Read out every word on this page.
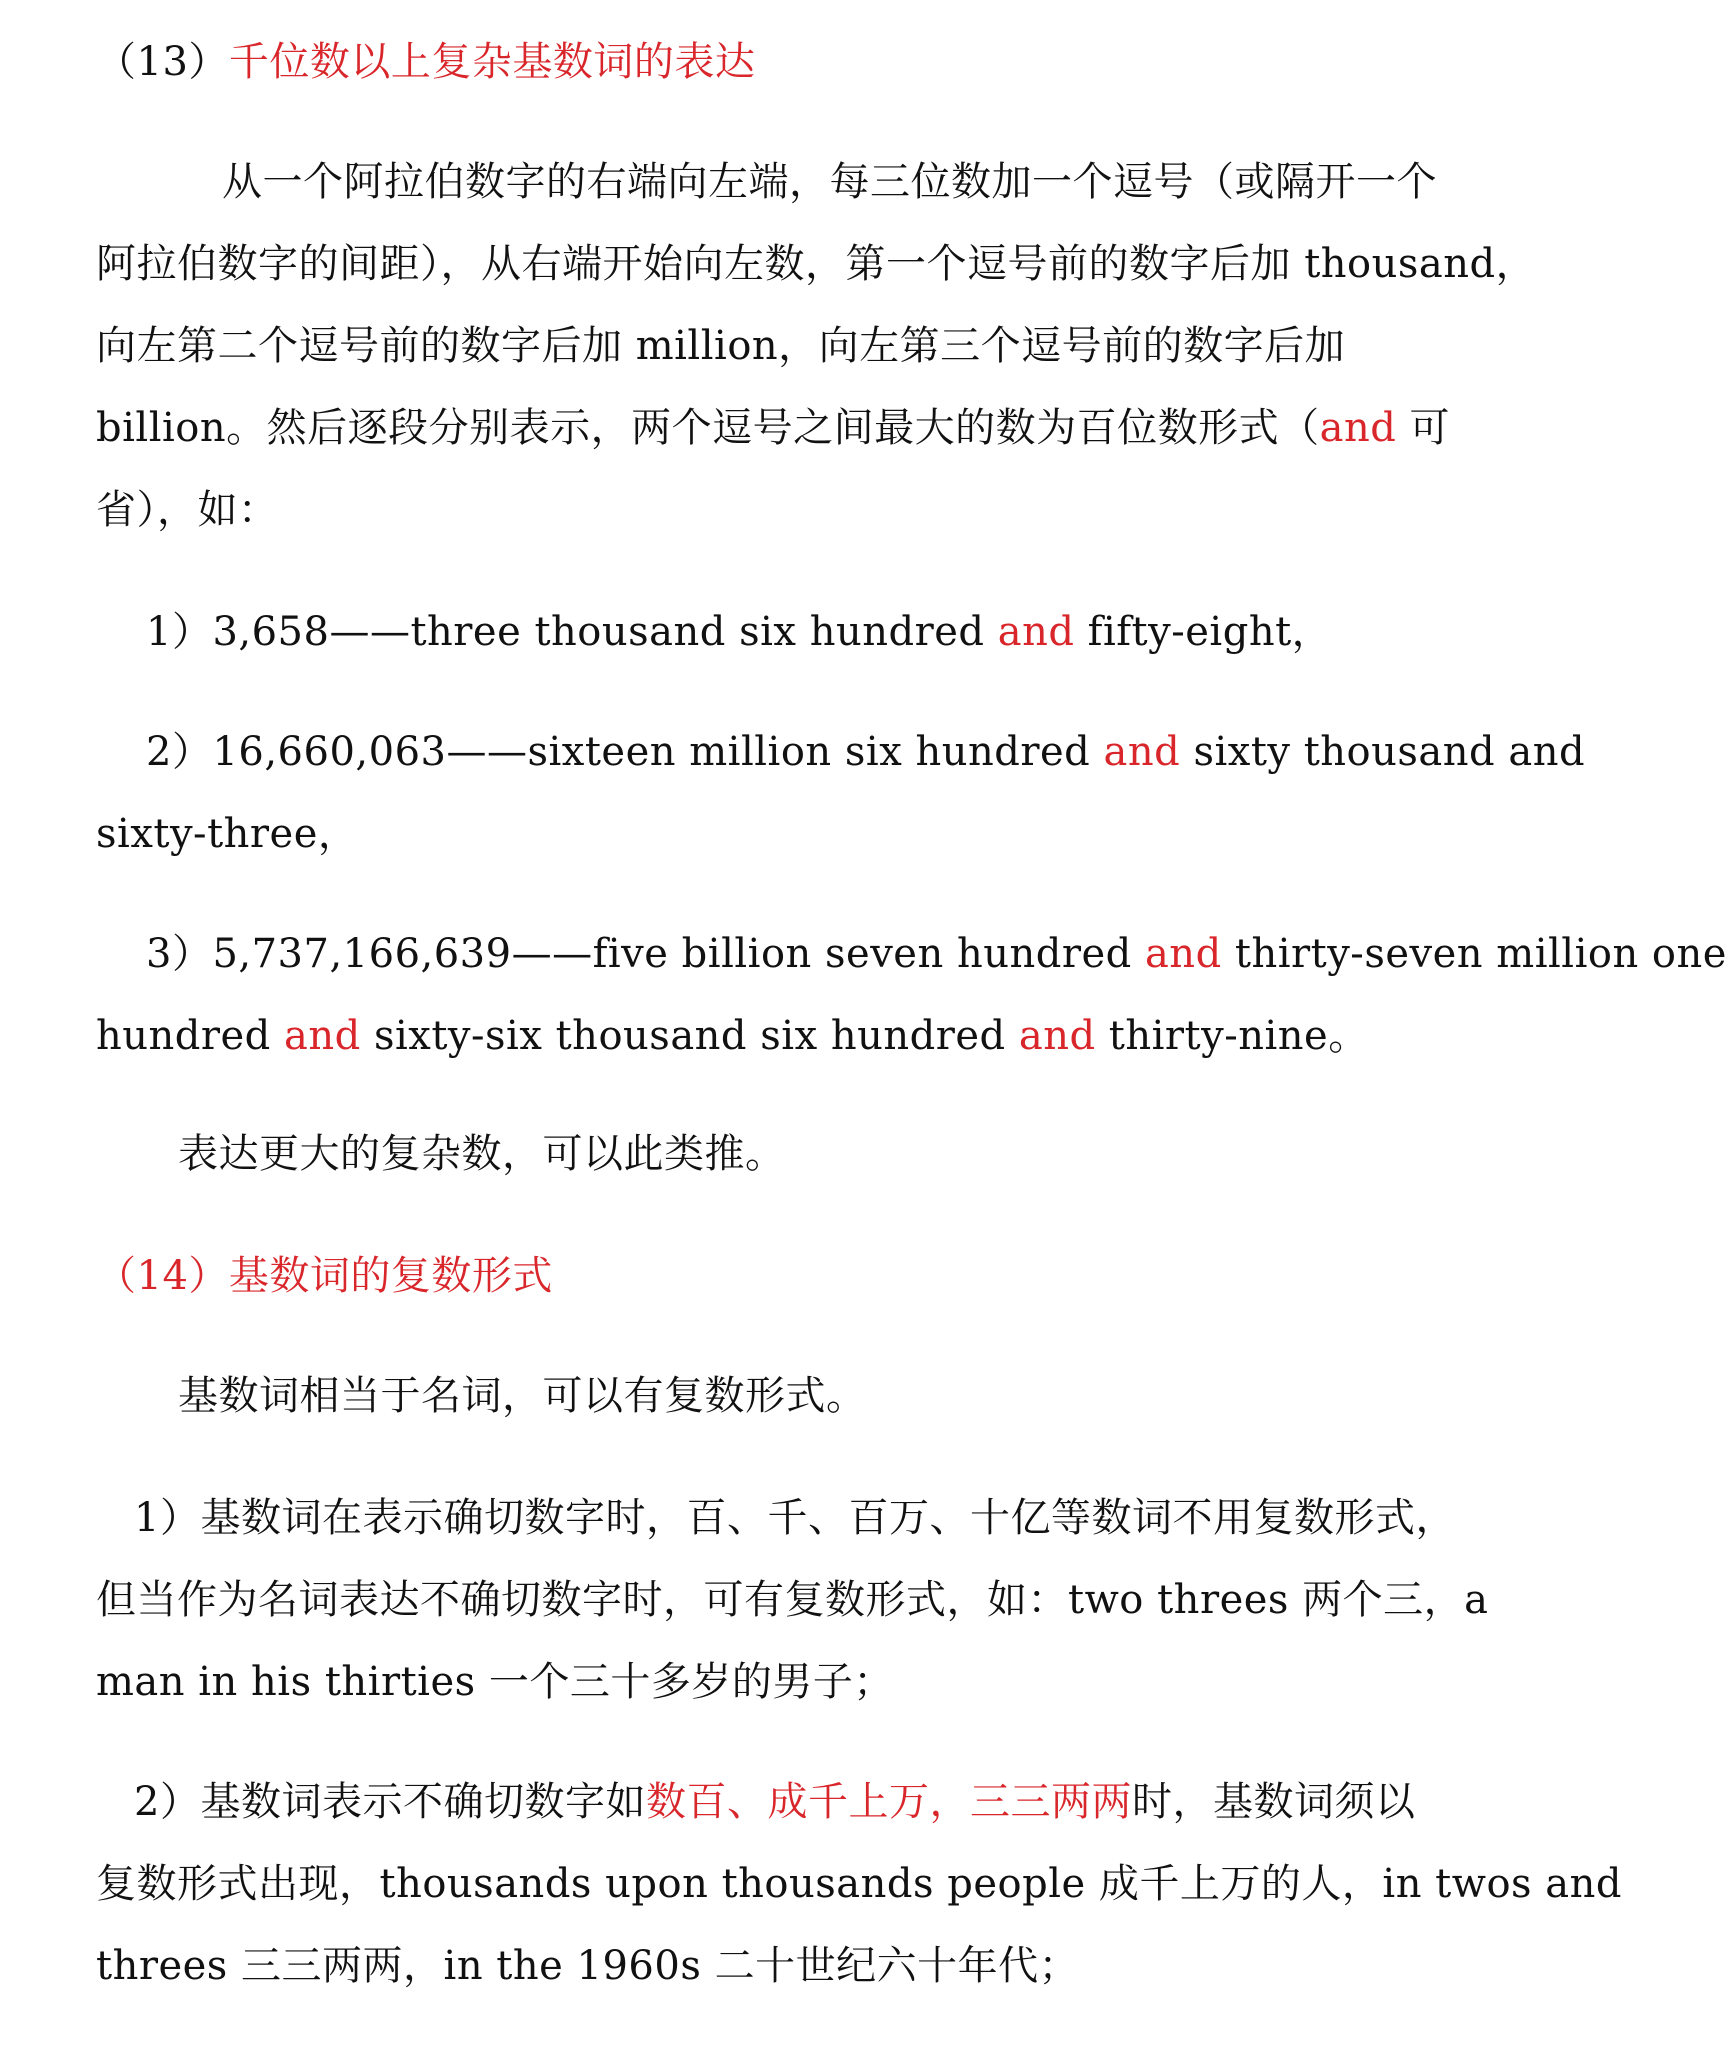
（13）千位数以上复杂基数词的表达
从一个阿拉伯数字的右端向左端，每三位数加一个逗号（或隔开一个
阿拉伯数字的间距），从右端开始向左数，第一个逗号前的数字后加 thousand，
向左第二个逗号前的数字后加 million，向左第三个逗号前的数字后加
billion。然后逐段分别表示，两个逗号之间最大的数为百位数形式（and 可
省），如：
1）3,658——three thousand six hundred and fifty-eight，
2）16,660,063——sixteen million six hundred and sixty thousand and
sixty-three，
3）5,737,166,639——five billion seven hundred and thirty-seven million one
hundred and sixty-six thousand six hundred and thirty-nine。
表达更大的复杂数，可以此类推。
（14）基数词的复数形式
基数词相当于名词，可以有复数形式。
1）基数词在表示确切数字时，百、千、百万、十亿等数词不用复数形式，
但当作为名词表达不确切数字时，可有复数形式，如：two threes 两个三，a
man in his thirties 一个三十多岁的男子；
2）基数词表示不确切数字如数百、成千上万，三三两两时，基数词须以
复数形式出现，thousands upon thousands people 成千上万的人，in twos and
threes 三三两两，in the 1960s 二十世纪六十年代；
